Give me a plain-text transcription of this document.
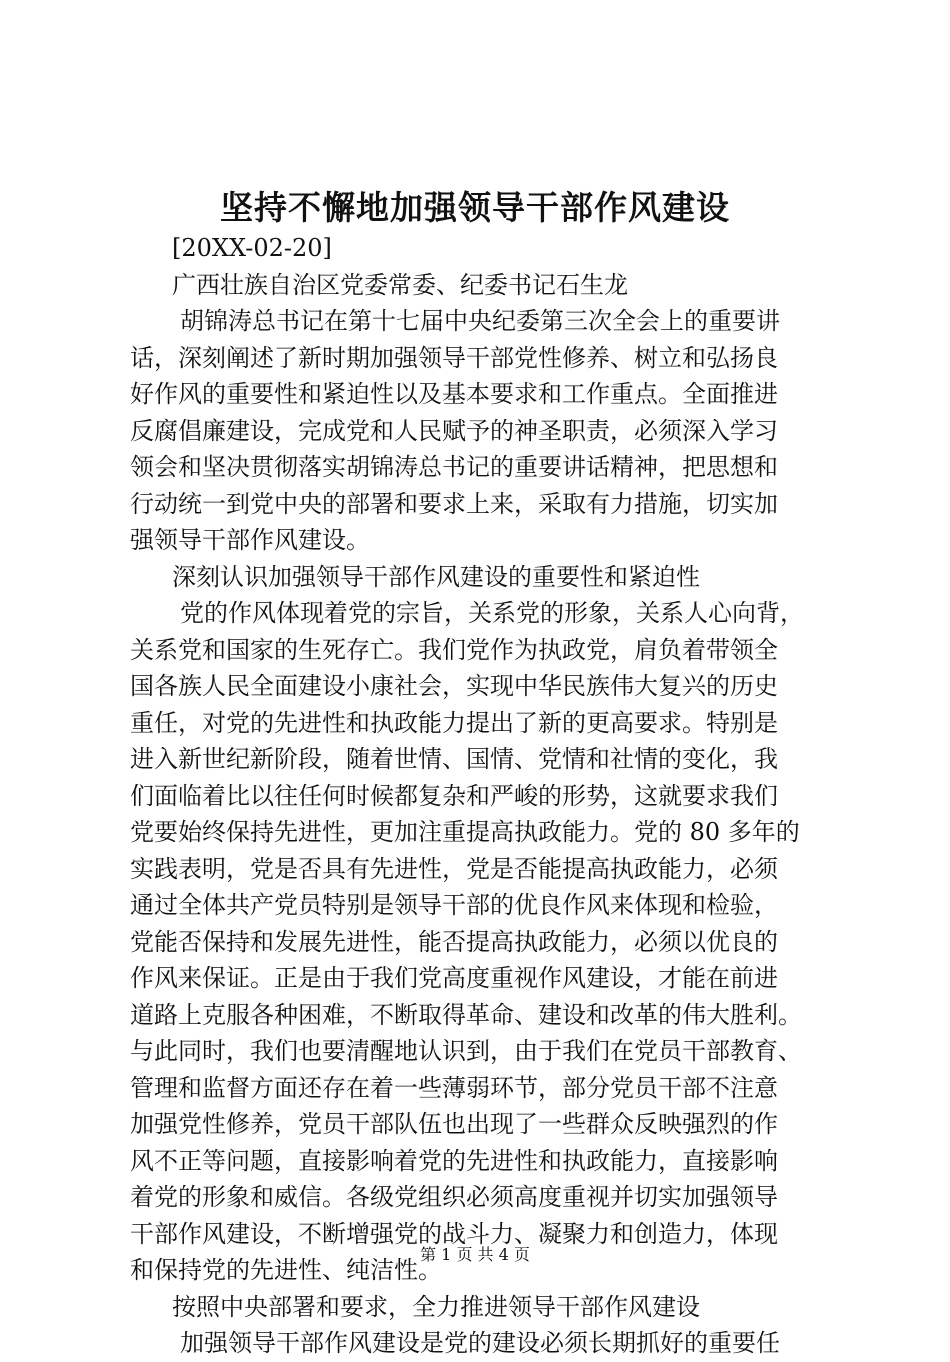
坚持不懈地加强领导干部作风建设
[20XX-02-20]
广西壮族自治区党委常委、纪委书记石生龙
胡锦涛总书记在第十七届中央纪委第三次全会上的重要讲
话，深刻阐述了新时期加强领导干部党性修养、树立和弘扬良
好作风的重要性和紧迫性以及基本要求和工作重点。全面推进
反腐倡廉建设，完成党和人民赋予的神圣职责，必须深入学习
领会和坚决贯彻落实胡锦涛总书记的重要讲话精神，把思想和
行动统一到党中央的部署和要求上来，采取有力措施，切实加
强领导干部作风建设。
深刻认识加强领导干部作风建设的重要性和紧迫性
党的作风体现着党的宗旨，关系党的形象，关系人心向背，
关系党和国家的生死存亡。我们党作为执政党，肩负着带领全
国各族人民全面建设小康社会，实现中华民族伟大复兴的历史
重任，对党的先进性和执政能力提出了新的更高要求。特别是
进入新世纪新阶段，随着世情、国情、党情和社情的变化，我
们面临着比以往任何时候都复杂和严峻的形势，这就要求我们
党要始终保持先进性，更加注重提高执政能力。党的 80 多年的
实践表明，党是否具有先进性，党是否能提高执政能力，必须
通过全体共产党员特别是领导干部的优良作风来体现和检验，
党能否保持和发展先进性，能否提高执政能力，必须以优良的
作风来保证。正是由于我们党高度重视作风建设，才能在前进
道路上克服各种困难，不断取得革命、建设和改革的伟大胜利。
与此同时，我们也要清醒地认识到，由于我们在党员干部教育、
管理和监督方面还存在着一些薄弱环节，部分党员干部不注意
加强党性修养，党员干部队伍也出现了一些群众反映强烈的作
风不正等问题，直接影响着党的先进性和执政能力，直接影响
着党的形象和威信。各级党组织必须高度重视并切实加强领导
干部作风建设，不断增强党的战斗力、凝聚力和创造力，体现
和保持党的先进性、纯洁性。
按照中央部署和要求，全力推进领导干部作风建设
加强领导干部作风建设是党的建设必须长期抓好的重要任
第 1 页 共 4 页
